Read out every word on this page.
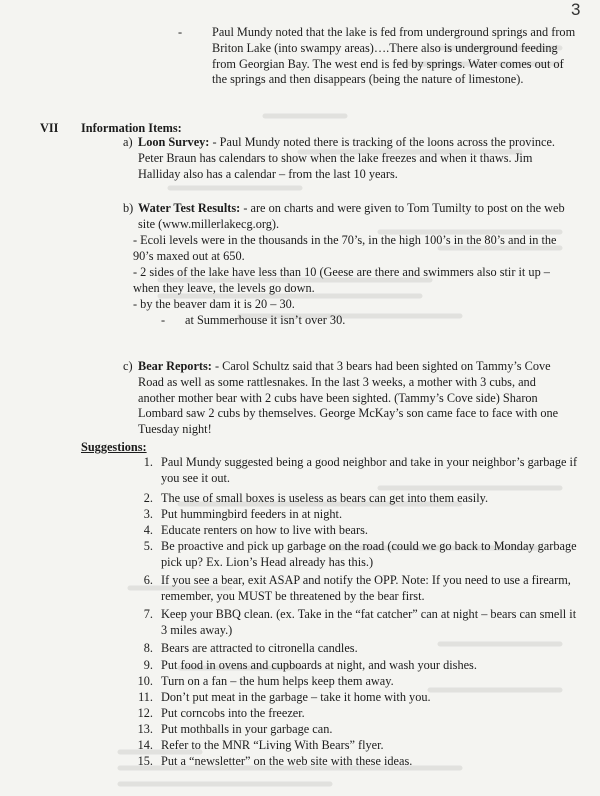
3
- Paul Mundy noted that the lake is fed from underground springs and from Briton Lake (into swampy areas)….There also is underground feeding from Georgian Bay. The west end is fed by springs. Water comes out of the springs and then disappears (being the nature of limestone).
VII Information Items:
a) Loon Survey: - Paul Mundy noted there is tracking of the loons across the province. Peter Braun has calendars to show when the lake freezes and when it thaws. Jim Halliday also has a calendar – from the last 10 years.
b) Water Test Results: - are on charts and were given to Tom Tumilty to post on the web site (www.millerlakecg.org).
- Ecoli levels were in the thousands in the 70’s, in the high 100’s in the 80’s and in the 90’s maxed out at 650.
- 2 sides of the lake have less than 10 (Geese are there and swimmers also stir it up – when they leave, the levels go down.
- by the beaver dam it is 20 – 30.
- at Summerhouse it isn’t over 30.
c) Bear Reports: - Carol Schultz said that 3 bears had been sighted on Tammy’s Cove Road as well as some rattlesnakes. In the last 3 weeks, a mother with 3 cubs, and another mother bear with 2 cubs have been sighted. (Tammy’s Cove side) Sharon Lombard saw 2 cubs by themselves. George McKay’s son came face to face with one Tuesday night!
Suggestions:
1. Paul Mundy suggested being a good neighbor and take in your neighbor’s garbage if you see it out.
2. The use of small boxes is useless as bears can get into them easily.
3. Put hummingbird feeders in at night.
4. Educate renters on how to live with bears.
5. Be proactive and pick up garbage on the road (could we go back to Monday garbage pick up? Ex. Lion’s Head already has this.)
6. If you see a bear, exit ASAP and notify the OPP. Note: If you need to use a firearm, remember, you MUST be threatened by the bear first.
7. Keep your BBQ clean. (ex. Take in the “fat catcher” can at night – bears can smell it 3 miles away.)
8. Bears are attracted to citronella candles.
9. Put food in ovens and cupboards at night, and wash your dishes.
10. Turn on a fan – the hum helps keep them away.
11. Don’t put meat in the garbage – take it home with you.
12. Put corncobs into the freezer.
13. Put mothballs in your garbage can.
14. Refer to the MNR “Living With Bears” flyer.
15. Put a “newsletter” on the web site with these ideas.
